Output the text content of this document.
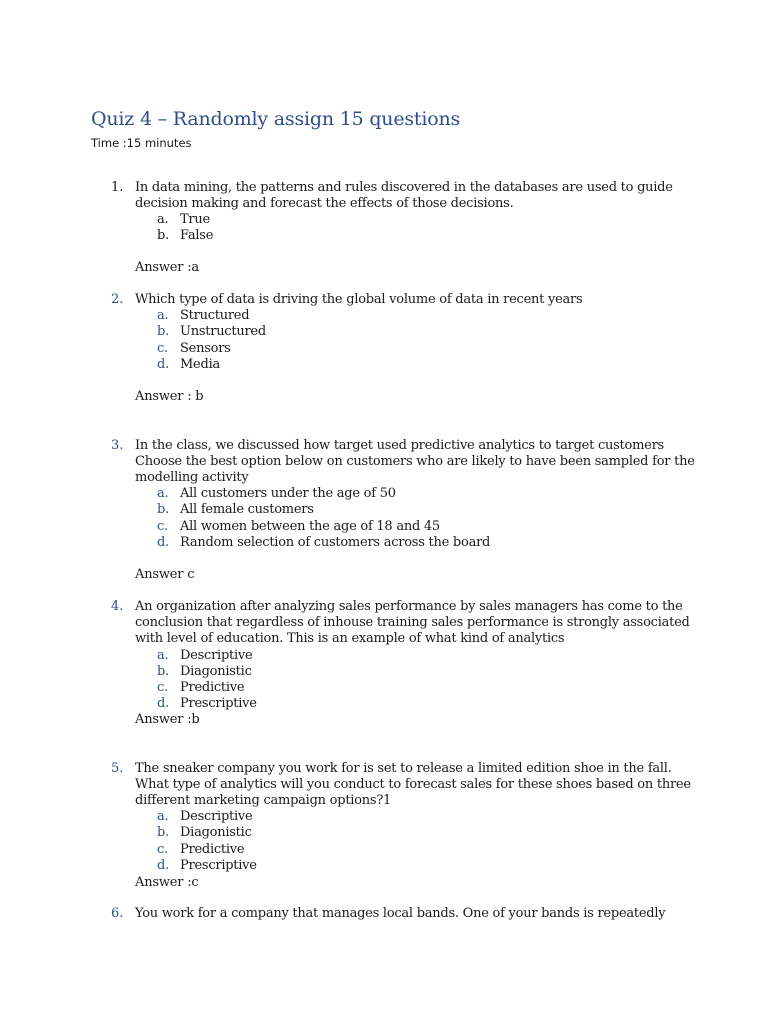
Quiz 4 – Randomly assign 15 questions
Time :15 minutes
1. In data mining, the patterns and rules discovered in the databases are used to guide
decision making and forecast the effects of those decisions.
a. True
b. False
Answer :a
2. Which type of data is driving the global volume of data in recent years
a. Structured
b. Unstructured
c. Sensors
d. Media
Answer : b
3. In the class, we discussed how target used predictive analytics to target customers
Choose the best option below on customers who are likely to have been sampled for the
modelling activity
a. All customers under the age of 50
b. All female customers
c. All women between the age of 18 and 45
d. Random selection of customers across the board
Answer c
4. An organization after analyzing sales performance by sales managers has come to the
conclusion that regardless of inhouse training sales performance is strongly associated
with level of education. This is an example of what kind of analytics
a. Descriptive
b. Diagonistic
c. Predictive
d. Prescriptive
Answer :b
5. The sneaker company you work for is set to release a limited edition shoe in the fall.
What type of analytics will you conduct to forecast sales for these shoes based on three
different marketing campaign options?1
a. Descriptive
b. Diagonistic
c. Predictive
d. Prescriptive
Answer :c
6. You work for a company that manages local bands. One of your bands is repeatedly
